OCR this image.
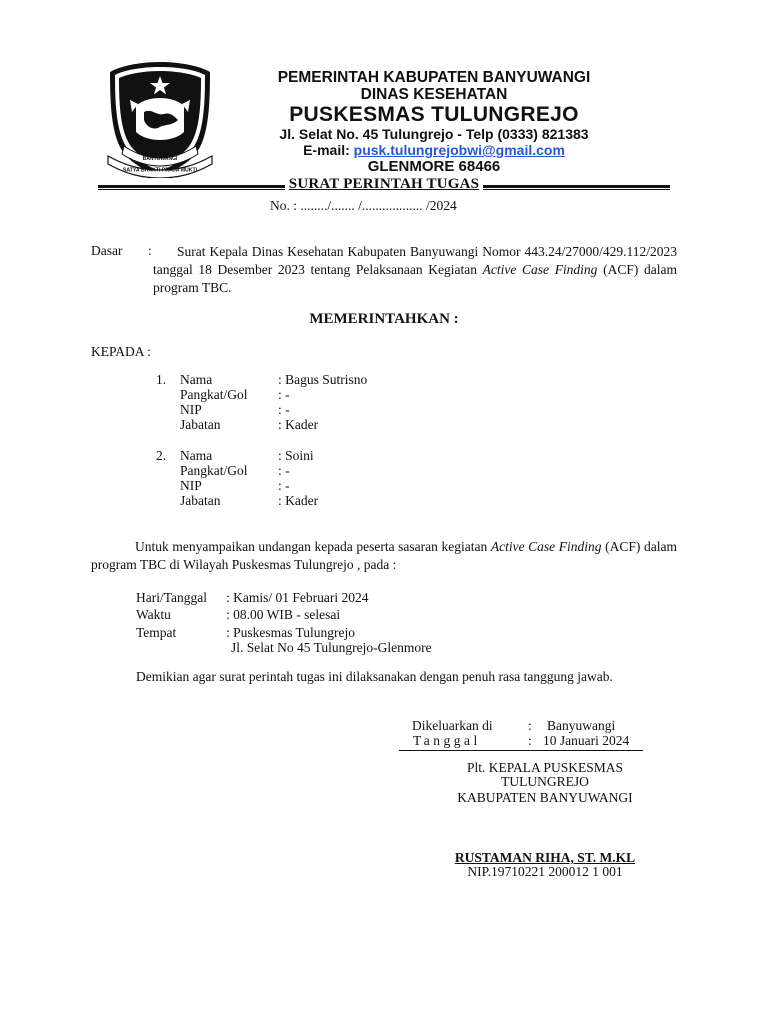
BANYUWANGI
SATYA BHAKTI PRAJA MUKTI
PEMERINTAH KABUPATEN BANYUWANGI
DINAS KESEHATAN
PUSKESMAS TULUNGREJO
Jl. Selat No. 45 Tulungrejo - Telp (0333) 821383
E-mail: pusk.tulungrejobwi@gmail.com
GLENMORE 68466
SURAT PERINTAH TUGAS
No. : ......../....... /.................. /2024
Dasar :	Surat Kepala Dinas Kesehatan Kabupaten Banyuwangi Nomor 443.24/27000/429.112/2023 tanggal 18 Desember 2023 tentang Pelaksanaan Kegiatan Active Case Finding (ACF) dalam program TBC.
MEMERINTAHKAN :
KEPADA :
1. Nama	: Bagus Sutrisno
Pangkat/Gol : -
NIP	: -
Jabatan	: Kader
2. Nama	: Soini
Pangkat/Gol : -
NIP	: -
Jabatan	: Kader
Untuk menyampaikan undangan kepada peserta sasaran kegiatan Active Case Finding (ACF) dalam program TBC di Wilayah Puskesmas Tulungrejo , pada :
Hari/Tanggal : Kamis/ 01 Februari 2024
Waktu	: 08.00 WIB - selesai
Tempat	: Puskesmas Tulungrejo
Jl. Selat No 45 Tulungrejo-Glenmore
Demikian agar surat perintah tugas ini dilaksanakan dengan penuh rasa tanggung jawab.
Dikeluarkan di	: Banyuwangi
Tanggal	: 10 Januari 2024
Plt. KEPALA PUSKESMAS
TULUNGREJO
KABUPATEN BANYUWANGI
RUSTAMAN RIHA, ST. M.KL
NIP.19710221 200012 1 001
